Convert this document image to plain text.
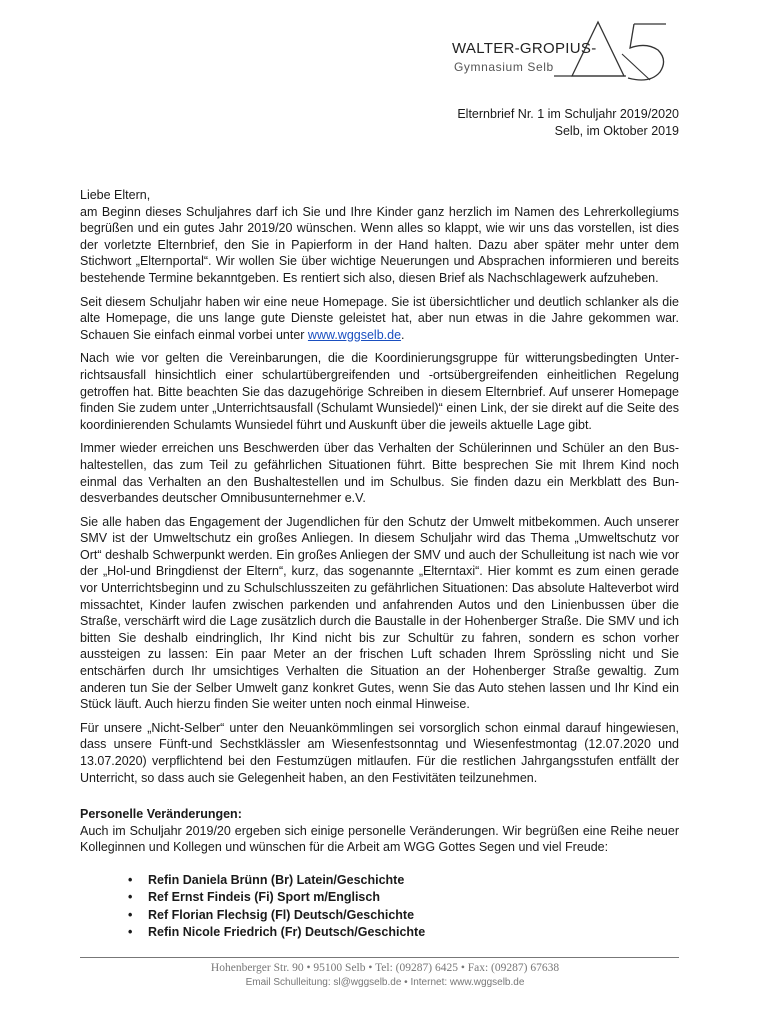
WALTER-GROPIUS-
Gymnasium Selb
Elternbrief Nr. 1 im Schuljahr 2019/2020
Selb, im Oktober 2019

Liebe Eltern,

am Beginn dieses Schuljahres darf ich Sie und Ihre Kinder ganz herzlich im Namen des Lehrerkollegiums begrüßen und ein gutes Jahr 2019/20 wünschen. Wenn alles so klappt, wie wir uns das vorstellen, ist dies der vorletzte Elternbrief, den Sie in Papierform in der Hand halten. Dazu aber später mehr unter dem Stichwort „Elternportal“. Wir wollen Sie über wichtige Neuerungen und Absprachen informieren und bereits bestehende Termine bekanntgeben. Es rentiert sich also, diesen Brief als Nachschlagewerk aufzuheben.

Seit diesem Schuljahr haben wir eine neue Homepage. Sie ist übersichtlicher und deutlich schlanker als die alte Homepage, die uns lange gute Dienste geleistet hat, aber nun etwas in die Jahre gekommen war. Schauen Sie einfach einmal vorbei unter www.wggselb.de.

Nach wie vor gelten die Vereinbarungen, die die Koordinierungsgruppe für witterungsbedingten Unterrichtsausfall hinsichtlich einer schulartübergreifenden und -ortsübergreifenden einheitlichen Regelung getroffen hat. Bitte beachten Sie das dazugehörige Schreiben in diesem Elternbrief. Auf unserer Homepage finden Sie zudem unter „Unterrichtsausfall (Schulamt Wunsiedel)“ einen Link, der sie direkt auf die Seite des koordinierenden Schulamts Wunsiedel führt und Auskunft über die jeweils aktuelle Lage gibt.

Immer wieder erreichen uns Beschwerden über das Verhalten der Schülerinnen und Schüler an den Bushaltestellen, das zum Teil zu gefährlichen Situationen führt. Bitte besprechen Sie mit Ihrem Kind noch einmal das Verhalten an den Bushaltestellen und im Schulbus. Sie finden dazu ein Merkblatt des Bundesverbandes deutscher Omnibusunternehmer e.V.

Sie alle haben das Engagement der Jugendlichen für den Schutz der Umwelt mitbekommen. Auch unserer SMV ist der Umweltschutz ein großes Anliegen. In diesem Schuljahr wird das Thema „Umweltschutz vor Ort“ deshalb Schwerpunkt werden. Ein großes Anliegen der SMV und auch der Schulleitung ist nach wie vor der „Hol-und Bringdienst der Eltern“, kurz, das sogenannte „Elterntaxi“. Hier kommt es zum einen gerade vor Unterrichtsbeginn und zu Schulschlusszeiten zu gefährlichen Situationen: Das absolute Halteverbot wird missachtet, Kinder laufen zwischen parkenden und anfahrenden Autos und den Linienbussen über die Straße, verschärft wird die Lage zusätzlich durch die Baustalle in der Hohenberger Straße. Die SMV und ich bitten Sie deshalb eindringlich, Ihr Kind nicht bis zur Schultür zu fahren, sondern es schon vorher aussteigen zu lassen: Ein paar Meter an der frischen Luft schaden Ihrem Sprössling nicht und Sie entschärfen durch Ihr umsichtiges Verhalten die Situation an der Hohenberger Straße gewaltig. Zum anderen tun Sie der Selber Umwelt ganz konkret Gutes, wenn Sie das Auto stehen lassen und Ihr Kind ein Stück läuft. Auch hierzu finden Sie weiter unten noch einmal Hinweise.

Für unsere „Nicht-Selber“ unter den Neuankömmlingen sei vorsorglich schon einmal darauf hingewiesen, dass unsere Fünft-und Sechstklässler am Wiesenfestsonntag und Wiesenfestmontag (12.07.2020 und 13.07.2020) verpflichtend bei den Festumzügen mitlaufen. Für die restlichen Jahrgangsstufen entfällt der Unterricht, so dass auch sie Gelegenheit haben, an den Festivitäten teilzunehmen.

Personelle Veränderungen:

Auch im Schuljahr 2019/20 ergeben sich einige personelle Veränderungen. Wir begrüßen eine Reihe neuer Kolleginnen und Kollegen und wünschen für die Arbeit am WGG Gottes Segen und viel Freude:

• Refin Daniela Brünn (Br) Latein/Geschichte
• Ref Ernst Findeis (Fi) Sport m/Englisch
• Ref Florian Flechsig (Fl) Deutsch/Geschichte
• Refin Nicole Friedrich (Fr) Deutsch/Geschichte
Hohenberger Str. 90 • 95100 Selb • Tel: (09287) 6425 • Fax: (09287) 67638
Email Schulleitung: sl@wggselb.de • Internet: www.wggselb.de
